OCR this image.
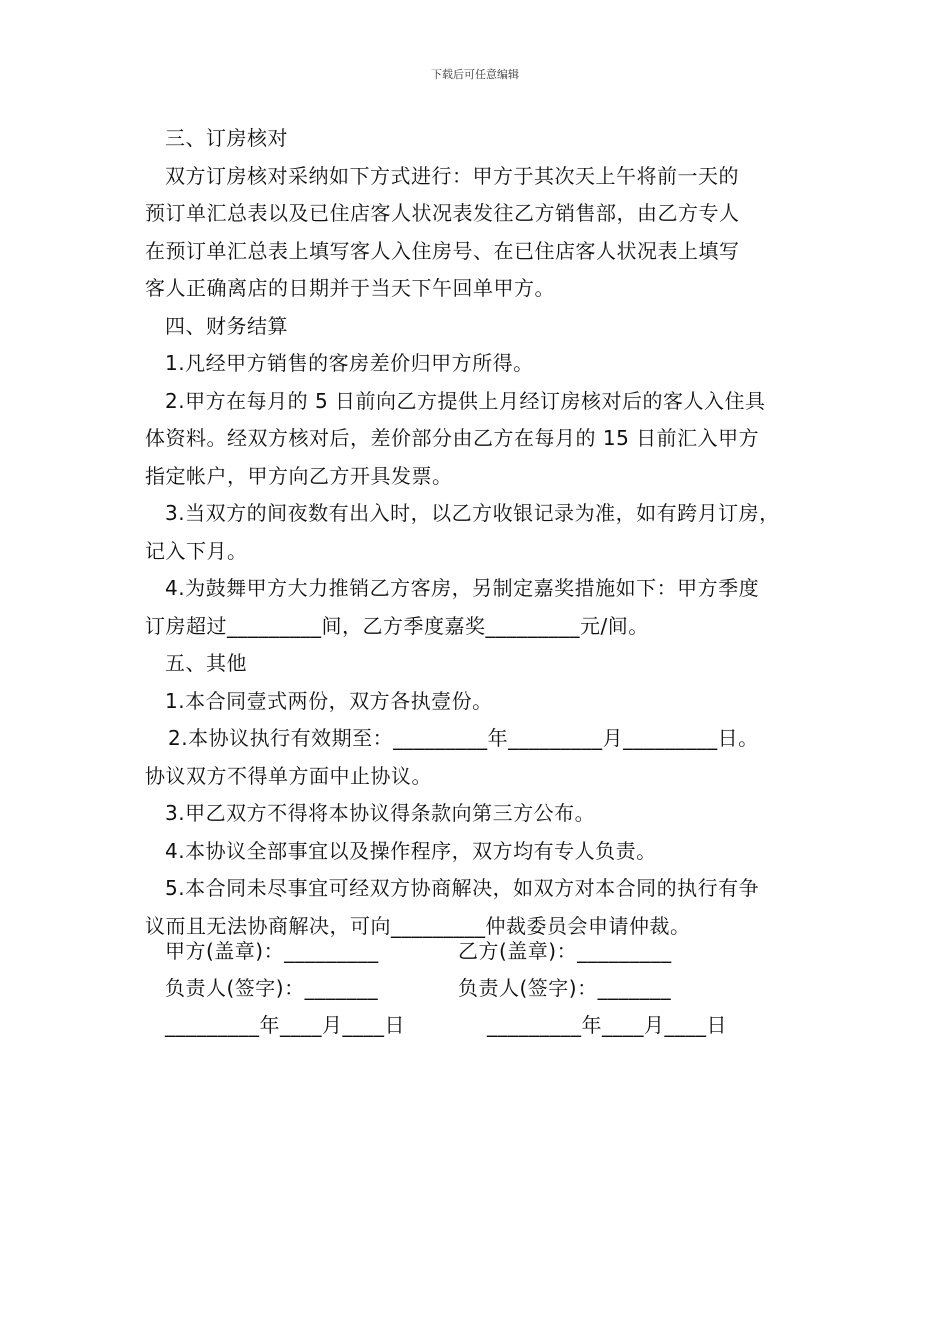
下载后可任意编辑
三、订房核对
双方订房核对采纳如下方式进行：甲方于其次天上午将前一天的
预订单汇总表以及已住店客人状况表发往乙方销售部，由乙方专人
在预订单汇总表上填写客人入住房号、在已住店客人状况表上填写
客人正确离店的日期并于当天下午回单甲方。
四、财务结算
1.凡经甲方销售的客房差价归甲方所得。
2.甲方在每月的 5 日前向乙方提供上月经订房核对后的客人入住具
体资料。经双方核对后，差价部分由乙方在每月的 15 日前汇入甲方
指定帐户，甲方向乙方开具发票。
3.当双方的间夜数有出入时，以乙方收银记录为准，如有跨月订房，
记入下月。
4.为鼓舞甲方大力推销乙方客房，另制定嘉奖措施如下：甲方季度
订房超过_________间，乙方季度嘉奖_________元/间。
五、其他
1.本合同壹式两份，双方各执壹份。
2.本协议执行有效期至：_________年_________月_________日。
协议双方不得单方面中止协议。
3.甲乙双方不得将本协议得条款向第三方公布。
4.本协议全部事宜以及操作程序，双方均有专人负责。
5.本合同未尽事宜可经双方协商解决，如双方对本合同的执行有争
议而且无法协商解决，可向_________仲裁委员会申请仲裁。
甲方(盖章)：_________	乙方(盖章)：_________
负责人(签字)：_______	负责人(签字)：_______
_________年____月____日	_________年____月____日
